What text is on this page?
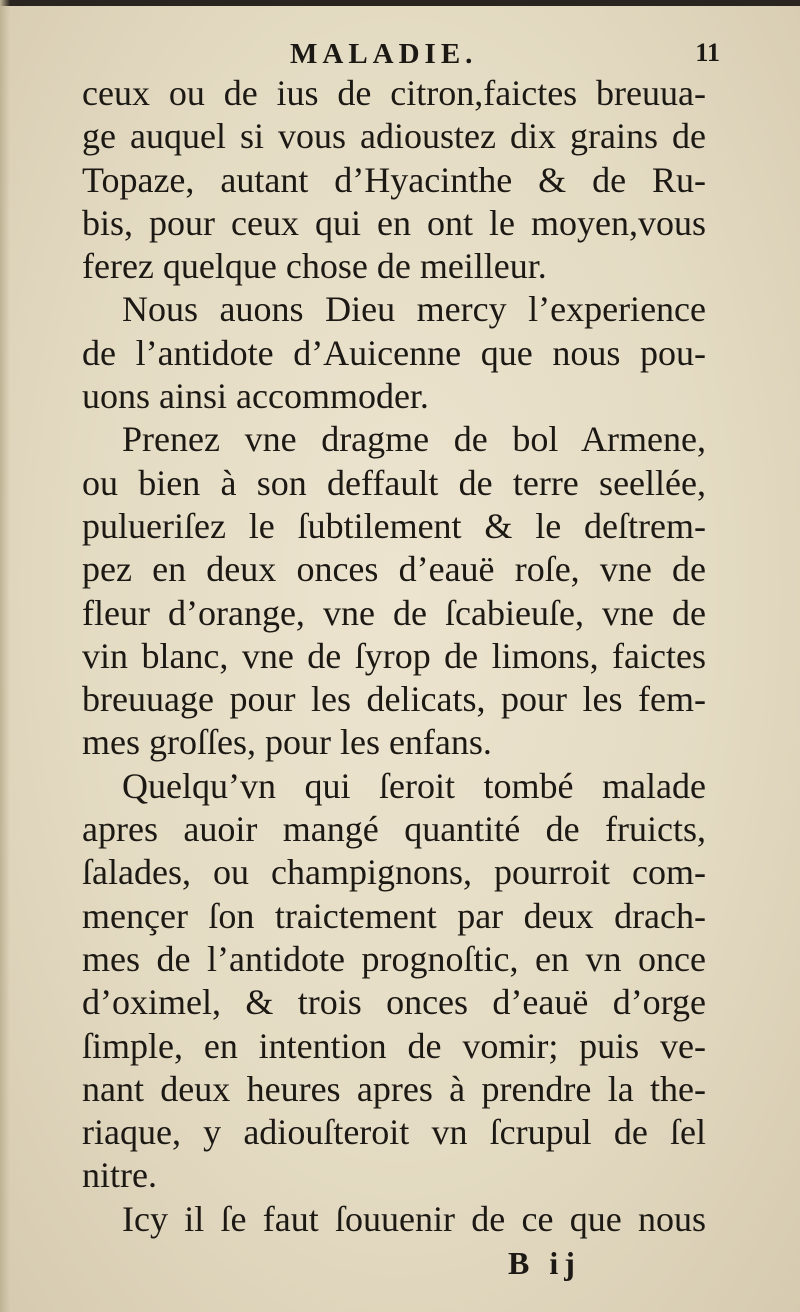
MALADIE.	11
ceux ou de ius de citron,faictes breuua-
ge auquel si vous adioustez dix grains de
Topaze, autant d’Hyacinthe & de Ru-
bis, pour ceux qui en ont le moyen,vous
ferez quelque chose de meilleur.
Nous auons Dieu mercy l’experience
de l’antidote d’Auicenne que nous pou-
uons ainsi accommoder.
Prenez vne dragme de bol Armene,
ou bien à son deffault de terre seellée,
pulueriſez le ſubtilement & le deſtrem-
pez en deux onces d’eauë roſe, vne de
fleur d’orange, vne de ſcabieuſe, vne de
vin blanc, vne de ſyrop de limons, faictes
breuuage pour les delicats, pour les fem-
mes groſſes, pour les enfans.
Quelqu’vn qui ſeroit tombé malade
apres auoir mangé quantité de fruicts,
ſalades, ou champignons, pourroit com-
mençer ſon traictement par deux drach-
mes de l’antidote prognoſtic, en vn once
d’oximel, & trois onces d’eauë d’orge
ſimple, en intention de vomir; puis ve-
nant deux heures apres à prendre la the-
riaque, y adiouſteroit vn ſcrupul de ſel
nitre.
Icy il ſe faut ſouuenir de ce que nous
B ij
